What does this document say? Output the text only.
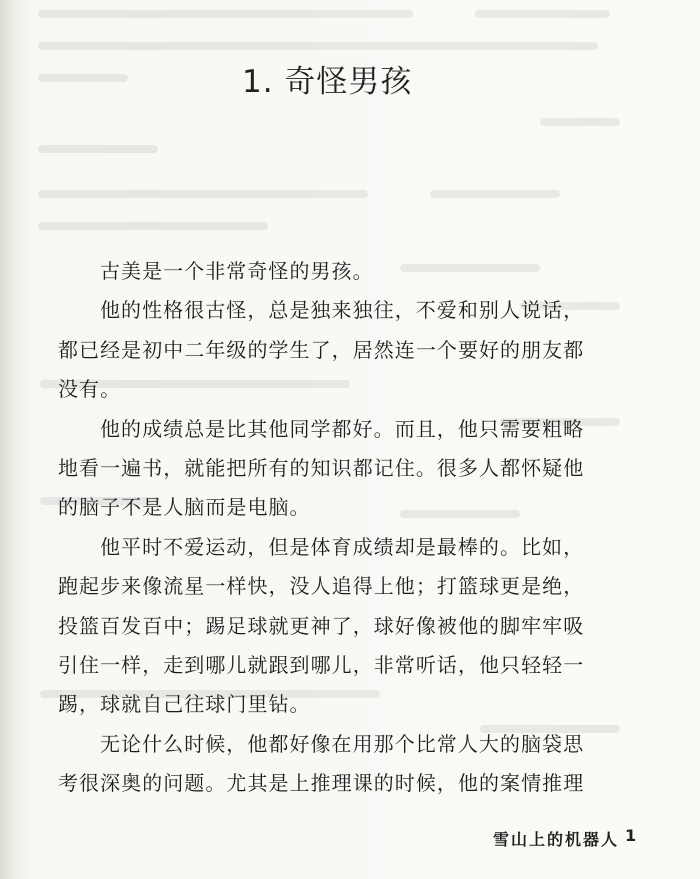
1. 奇怪男孩
古美是一个非常奇怪的男孩。
他的性格很古怪，总是独来独往，不爱和别人说话，
都已经是初中二年级的学生了，居然连一个要好的朋友都
没有。
他的成绩总是比其他同学都好。而且，他只需要粗略
地看一遍书，就能把所有的知识都记住。很多人都怀疑他
的脑子不是人脑而是电脑。
他平时不爱运动，但是体育成绩却是最棒的。比如，
跑起步来像流星一样快，没人追得上他；打篮球更是绝，
投篮百发百中；踢足球就更神了，球好像被他的脚牢牢吸
引住一样，走到哪儿就跟到哪儿，非常听话，他只轻轻一
踢，球就自己往球门里钻。
无论什么时候，他都好像在用那个比常人大的脑袋思
考很深奥的问题。尤其是上推理课的时候，他的案情推理
雪山上的机器人 1
